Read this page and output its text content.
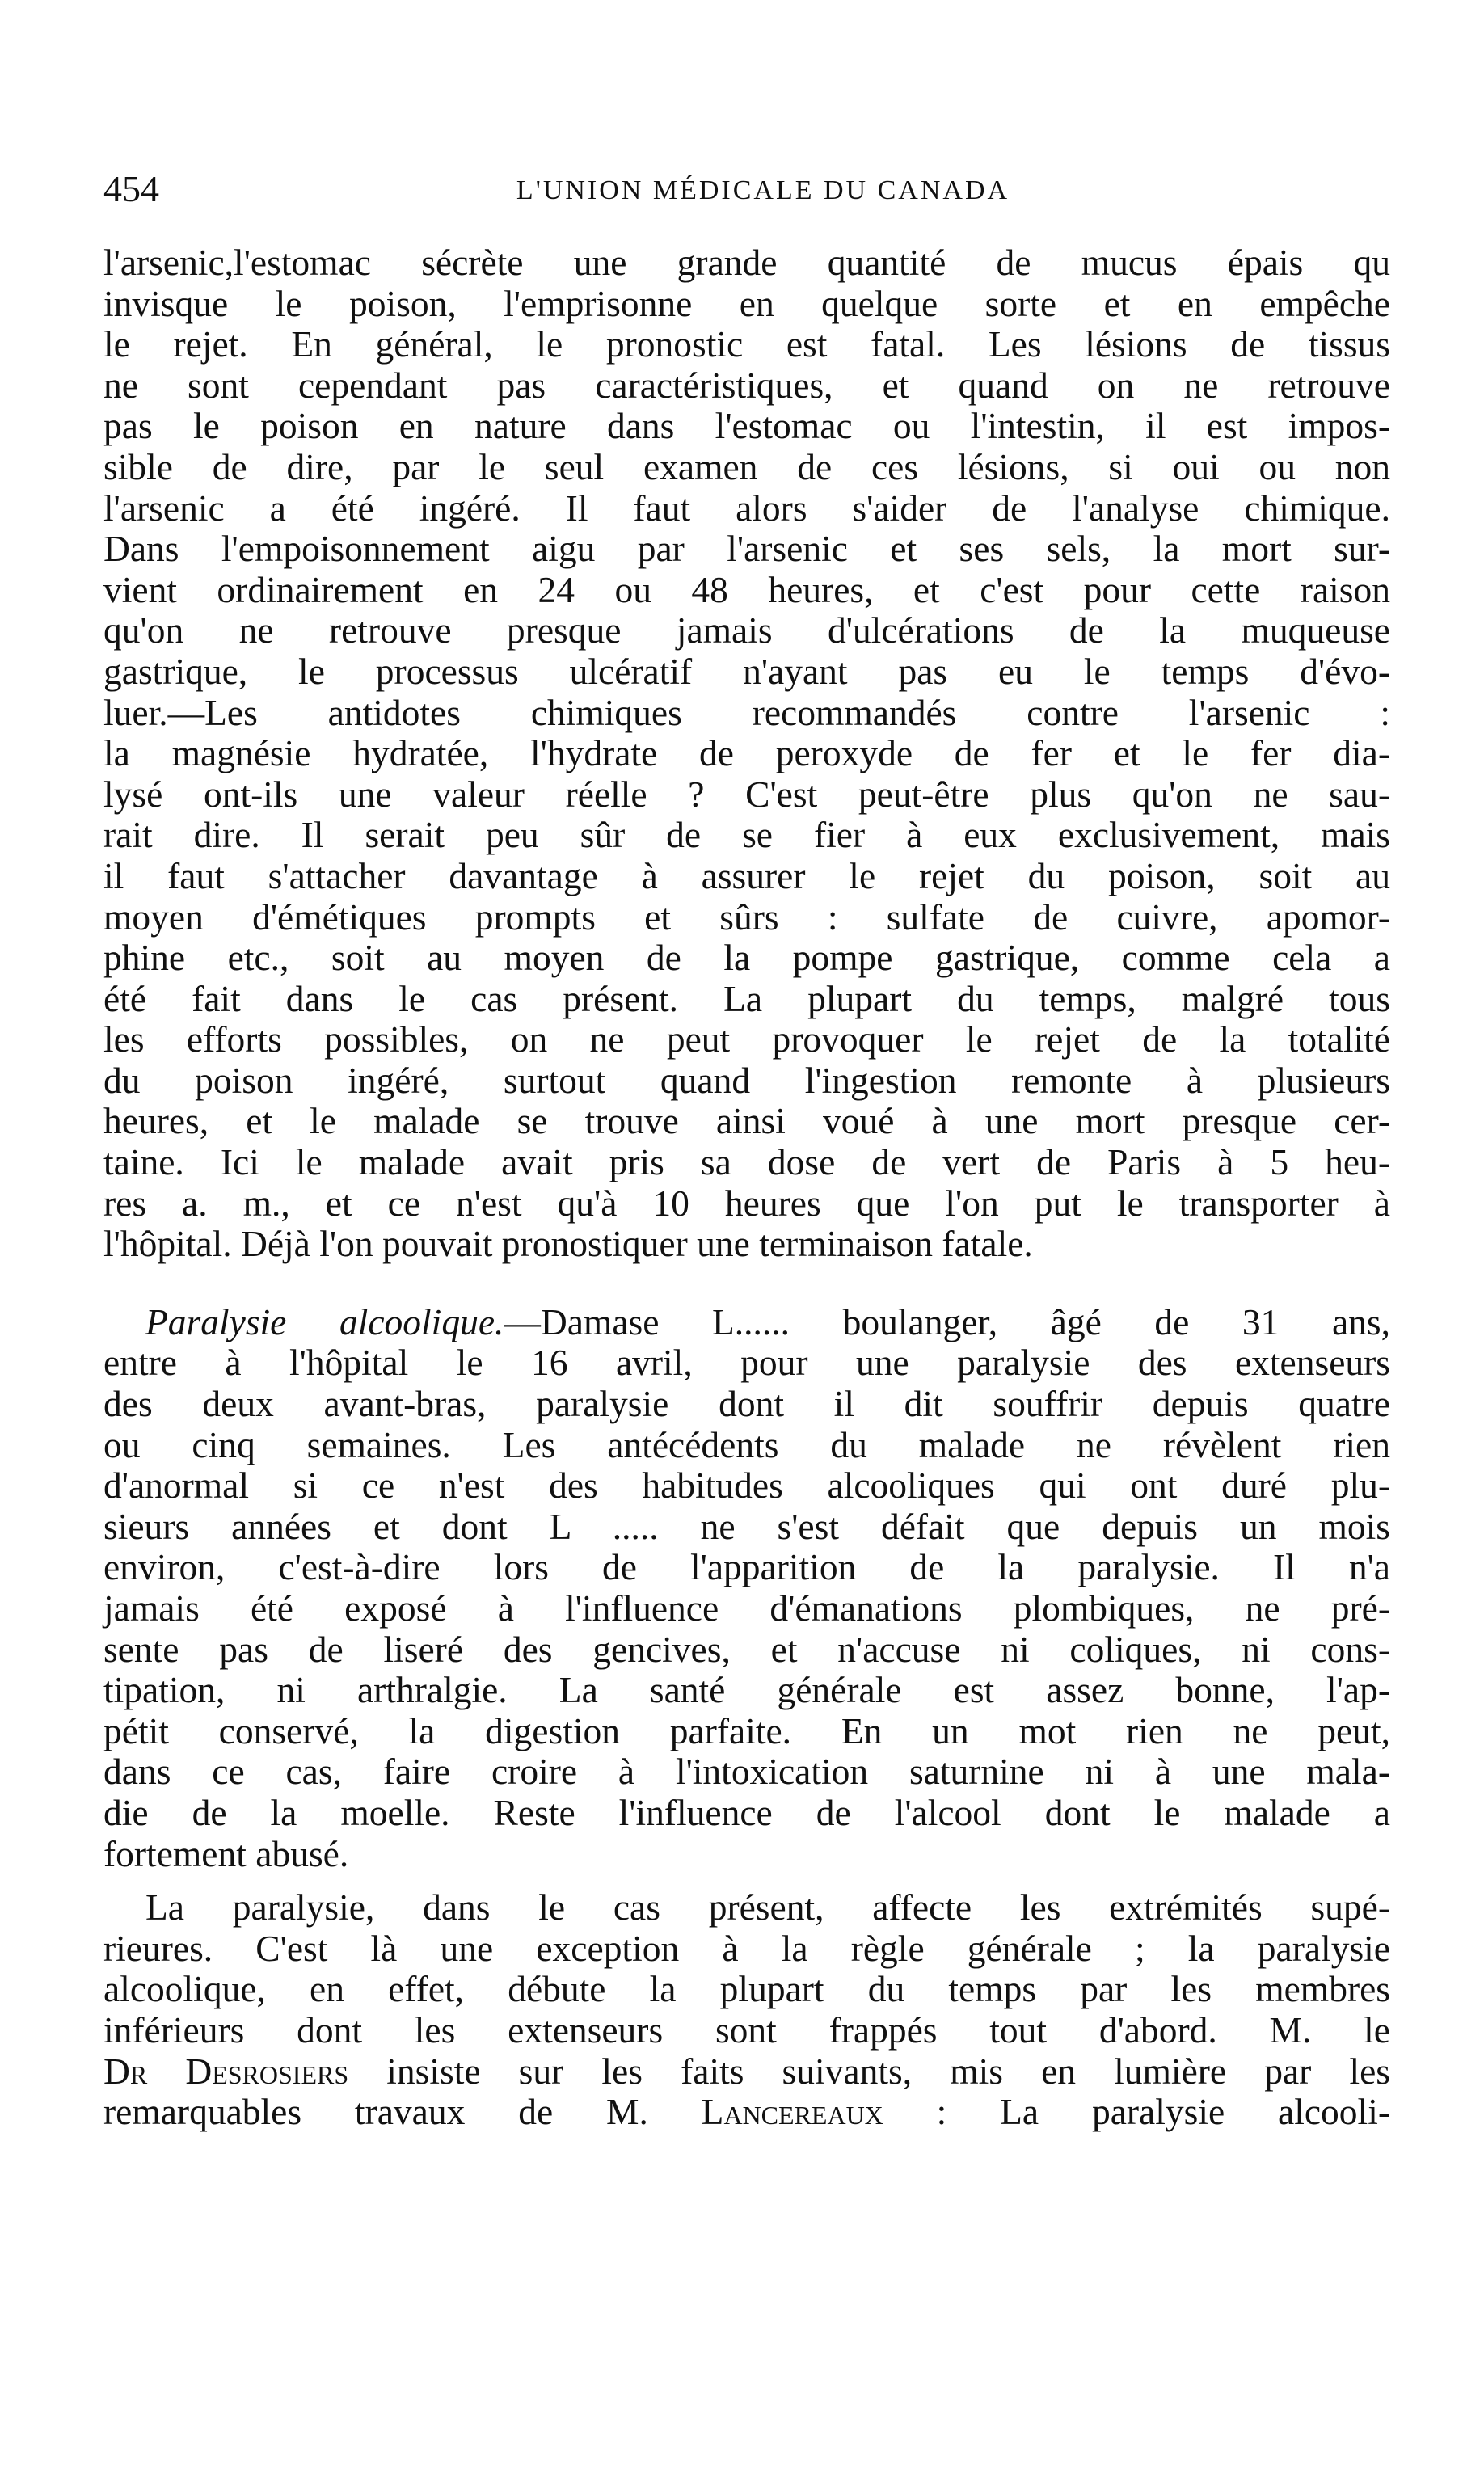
454	L'UNION MÉDICALE DU CANADA
l'arsenic,l'estomac sécrète une grande quantité de mucus épais qu
invisque le poison, l'emprisonne en quelque sorte et en empêche
le rejet. En général, le pronostic est fatal. Les lésions de tissus
ne sont cependant pas caractéristiques, et quand on ne retrouve
pas le poison en nature dans l'estomac ou l'intestin, il est impos-
sible de dire, par le seul examen de ces lésions, si oui ou non
l'arsenic a été ingéré. Il faut alors s'aider de l'analyse chimique.
Dans l'empoisonnement aigu par l'arsenic et ses sels, la mort sur-
vient ordinairement en 24 ou 48 heures, et c'est pour cette raison
qu'on ne retrouve presque jamais d'ulcérations de la muqueuse
gastrique, le processus ulcératif n'ayant pas eu le temps d'évo-
luer.—Les antidotes chimiques recommandés contre l'arsenic :
la magnésie hydratée, l'hydrate de peroxyde de fer et le fer dia-
lysé ont-ils une valeur réelle ? C'est peut-être plus qu'on ne sau-
rait dire. Il serait peu sûr de se fier à eux exclusivement, mais
il faut s'attacher davantage à assurer le rejet du poison, soit au
moyen d'émétiques prompts et sûrs : sulfate de cuivre, apomor-
phine etc., soit au moyen de la pompe gastrique, comme cela a
été fait dans le cas présent. La plupart du temps, malgré tous
les efforts possibles, on ne peut provoquer le rejet de la totalité
du poison ingéré, surtout quand l'ingestion remonte à plusieurs
heures, et le malade se trouve ainsi voué à une mort presque cer-
taine. Ici le malade avait pris sa dose de vert de Paris à 5 heu-
res a. m., et ce n'est qu'à 10 heures que l'on put le transporter à
l'hôpital. Déjà l'on pouvait pronostiquer une terminaison fatale.
Paralysie alcoolique.—Damase L...... boulanger, âgé de 31 ans,
entre à l'hôpital le 16 avril, pour une paralysie des extenseurs
des deux avant-bras, paralysie dont il dit souffrir depuis quatre
ou cinq semaines. Les antécédents du malade ne révèlent rien
d'anormal si ce n'est des habitudes alcooliques qui ont duré plu-
sieurs années et dont L ..... ne s'est défait que depuis un mois
environ, c'est-à-dire lors de l'apparition de la paralysie. Il n'a
jamais été exposé à l'influence d'émanations plombiques, ne pré-
sente pas de liseré des gencives, et n'accuse ni coliques, ni cons-
tipation, ni arthralgie. La santé générale est assez bonne, l'ap-
pétit conservé, la digestion parfaite. En un mot rien ne peut,
dans ce cas, faire croire à l'intoxication saturnine ni à une mala-
die de la moelle. Reste l'influence de l'alcool dont le malade a
fortement abusé.
La paralysie, dans le cas présent, affecte les extrémités supé-
rieures. C'est là une exception à la règle générale ; la paralysie
alcoolique, en effet, débute la plupart du temps par les membres
inférieurs dont les extenseurs sont frappés tout d'abord. M. le
Dr Desrosiers insiste sur les faits suivants, mis en lumière par les
remarquables travaux de M. Lancereaux : La paralysie alcooli-
